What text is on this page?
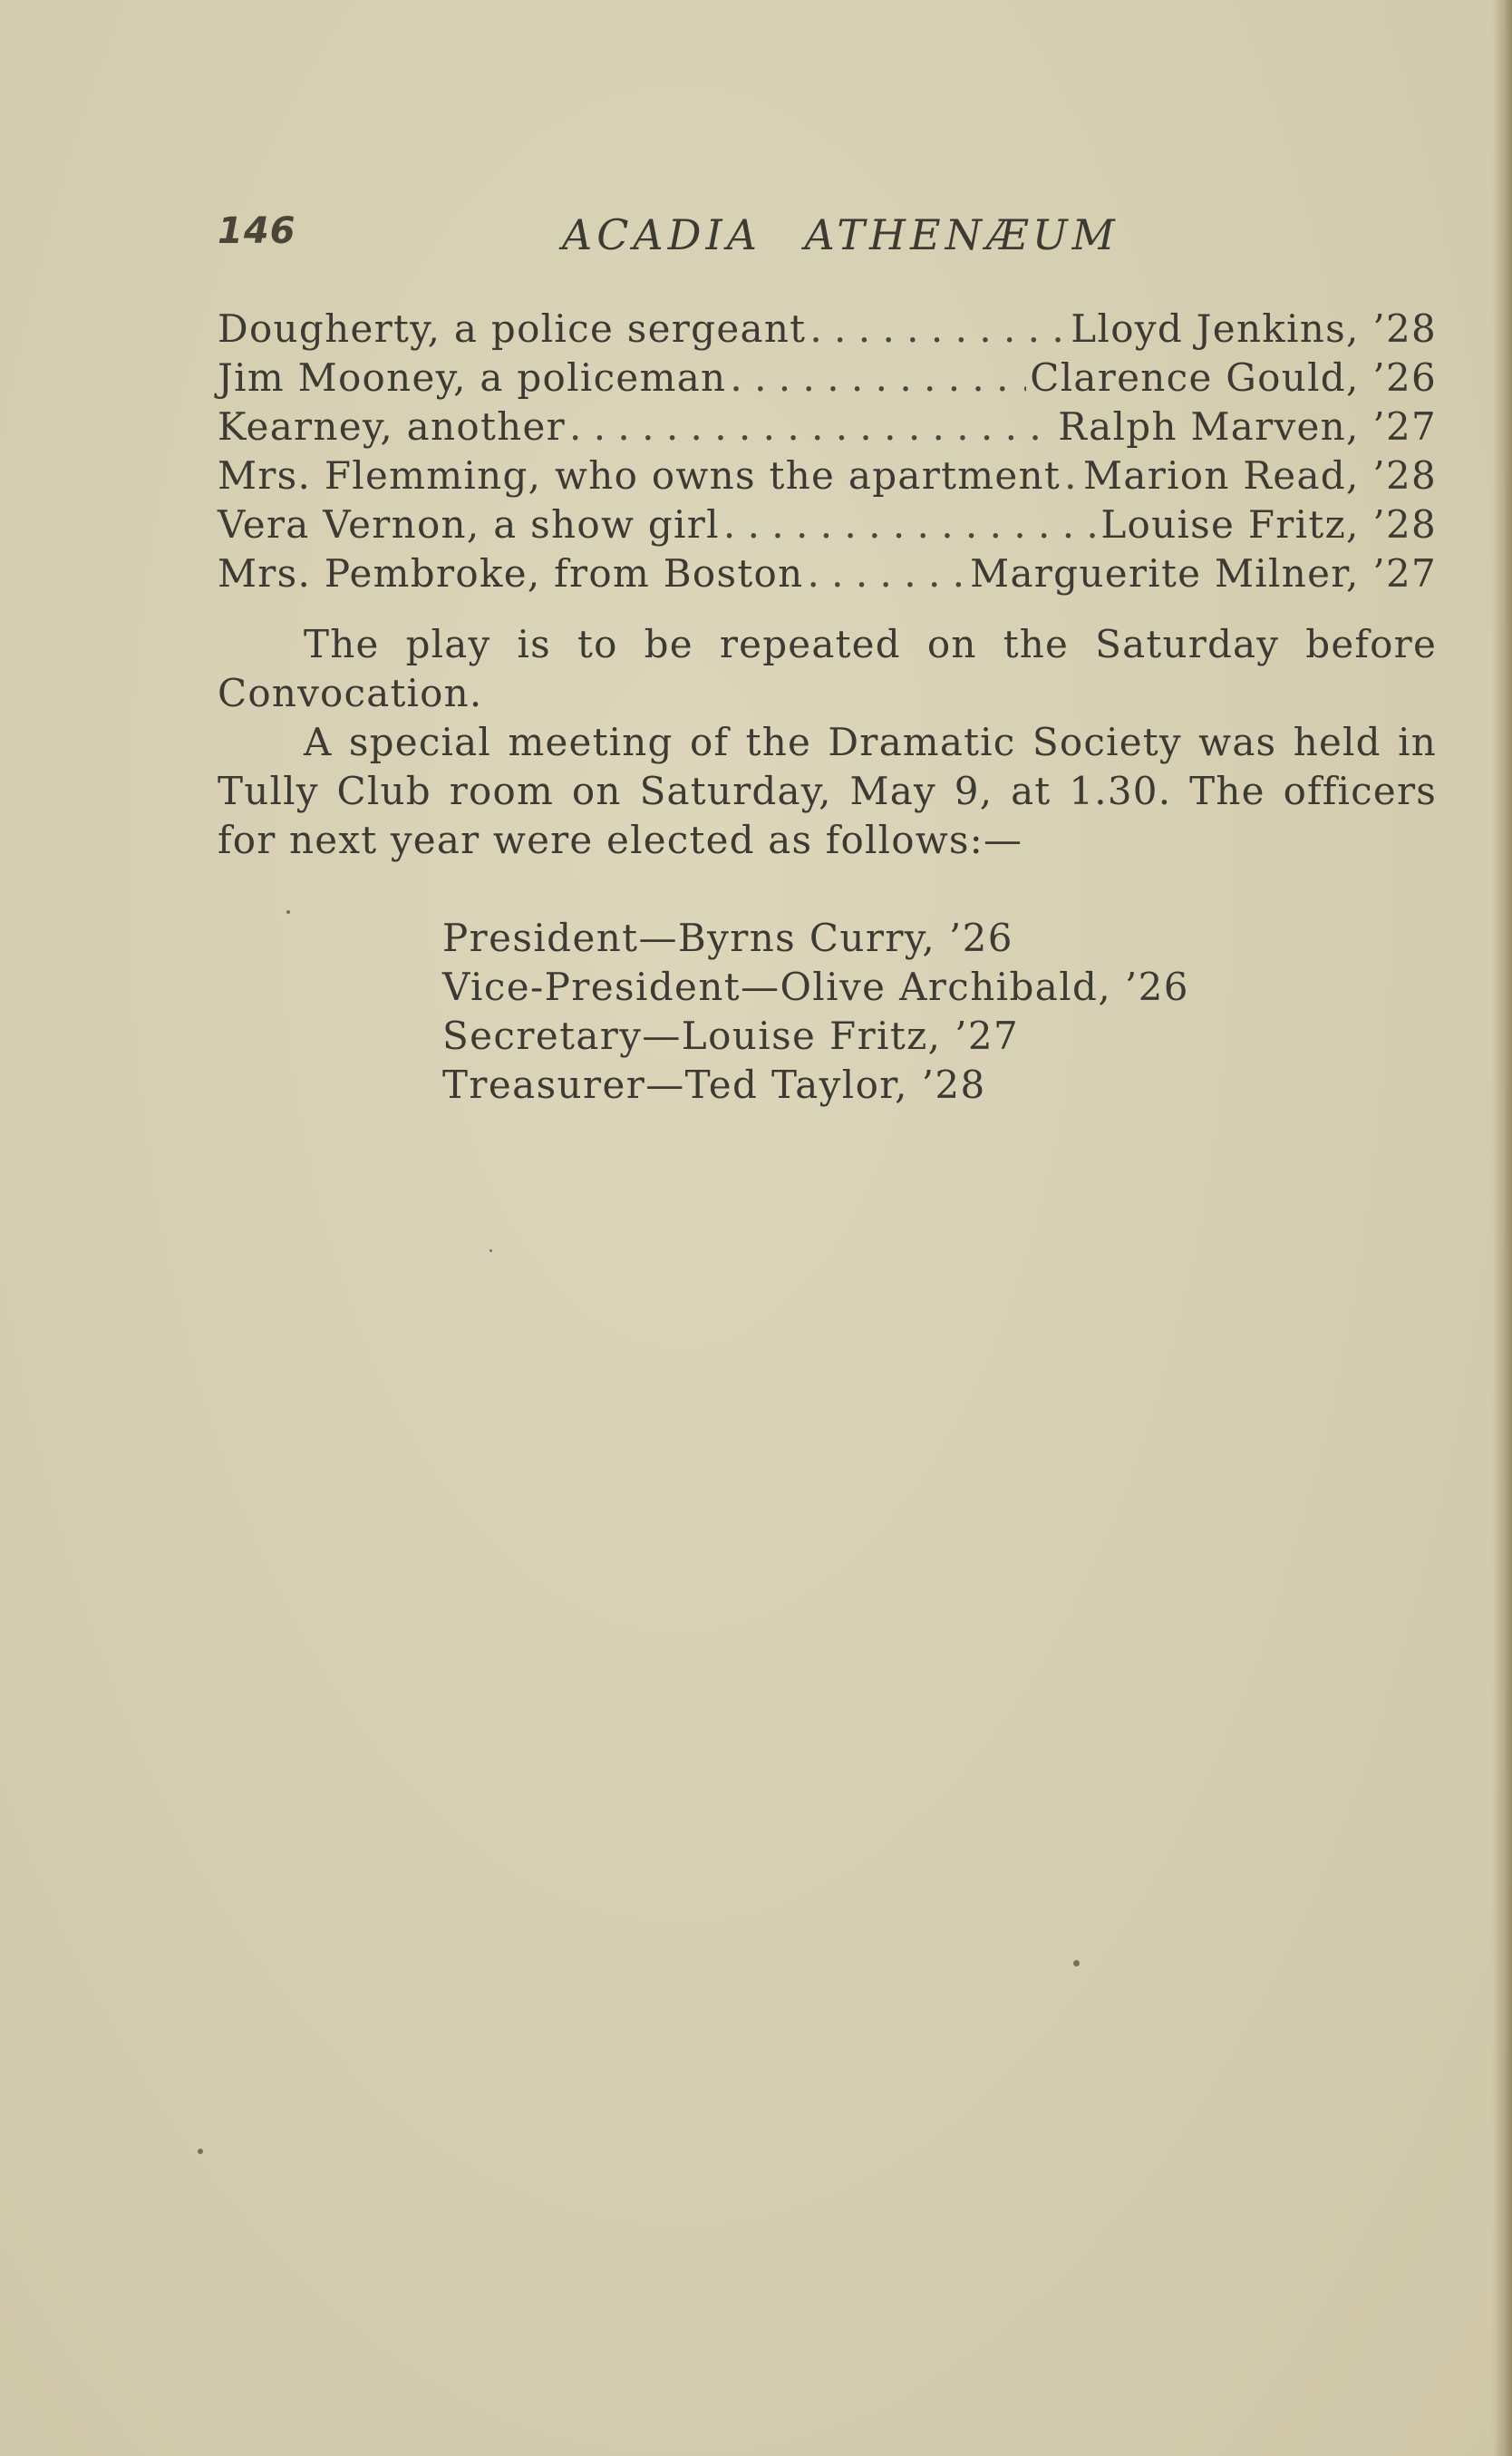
146	ACADIA ATHENÆUM
Dougherty, a police sergeant . . .	Lloyd Jenkins, ’28
Jim Mooney, a policeman . . .	Clarence Gould, ’26
Kearney, another . . .	Ralph Marven, ’27
Mrs. Flemming, who owns the apartment . . . Marion Read, ’28
Vera Vernon, a show girl . . .	Louise Fritz, ’28
Mrs. Pembroke, from Boston . . .	Marguerite Milner, ’27

The play is to be repeated on the Saturday before Convocation.

A special meeting of the Dramatic Society was held in Tully Club room on Saturday, May 9, at 1.30. The officers for next year were elected as follows:—

President—Byrns Curry, ’26
Vice-President—Olive Archibald, ’26
Secretary—Louise Fritz, ’27
Treasurer—Ted Taylor, ’28
